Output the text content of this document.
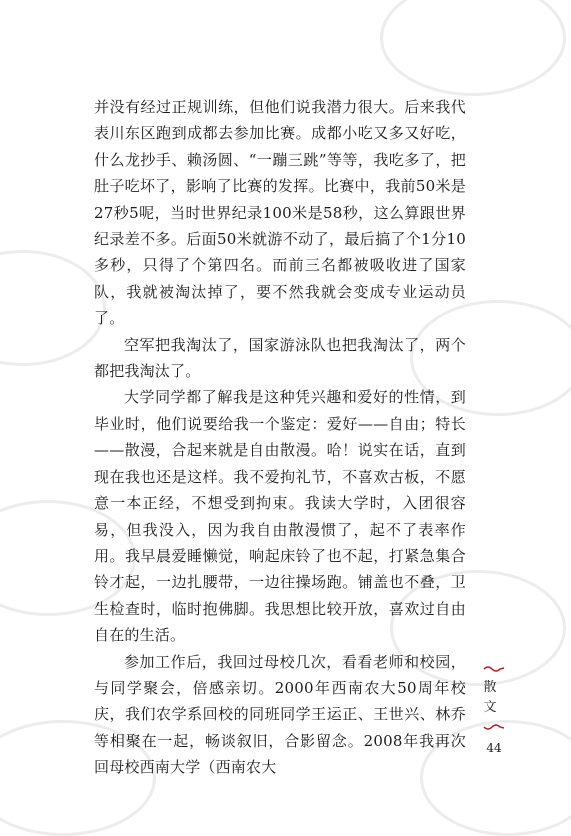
并没有经过正规训练，但他们说我潜力很大。后来我代表川东区跑到成都去参加比赛。成都小吃又多又好吃，什么龙抄手、赖汤圆、“一蹦三跳”等等，我吃多了，把肚子吃坏了，影响了比赛的发挥。比赛中，我前50米是27秒5呢，当时世界纪录100米是58秒，这么算跟世界纪录差不多。后面50米就游不动了，最后搞了个1分10多秒，只得了个第四名。而前三名都被吸收进了国家队，我就被淘汰掉了，要不然我就会变成专业运动员了。

空军把我淘汰了，国家游泳队也把我淘汰了，两个都把我淘汰了。

大学同学都了解我是这种凭兴趣和爱好的性情，到毕业时，他们说要给我一个鉴定：爱好——自由；特长——散漫，合起来就是自由散漫。哈！说实在话，直到现在我也还是这样。我不爱拘礼节，不喜欢古板，不愿意一本正经，不想受到拘束。我读大学时，入团很容易，但我没入，因为我自由散漫惯了，起不了表率作用。我早晨爱睡懒觉，响起床铃了也不起，打紧急集合铃才起，一边扎腰带，一边往操场跑。铺盖也不叠，卫生检查时，临时抱佛脚。我思想比较开放，喜欢过自由自在的生活。

参加工作后，我回过母校几次，看看老师和校园，与同学聚会，倍感亲切。2000年西南农大50周年校庆，我们农学系回校的同班同学王运正、王世兴、林乔等相聚在一起，畅谈叙旧，合影留念。2008年我再次回母校西南大学（西南农大

散 文
44
